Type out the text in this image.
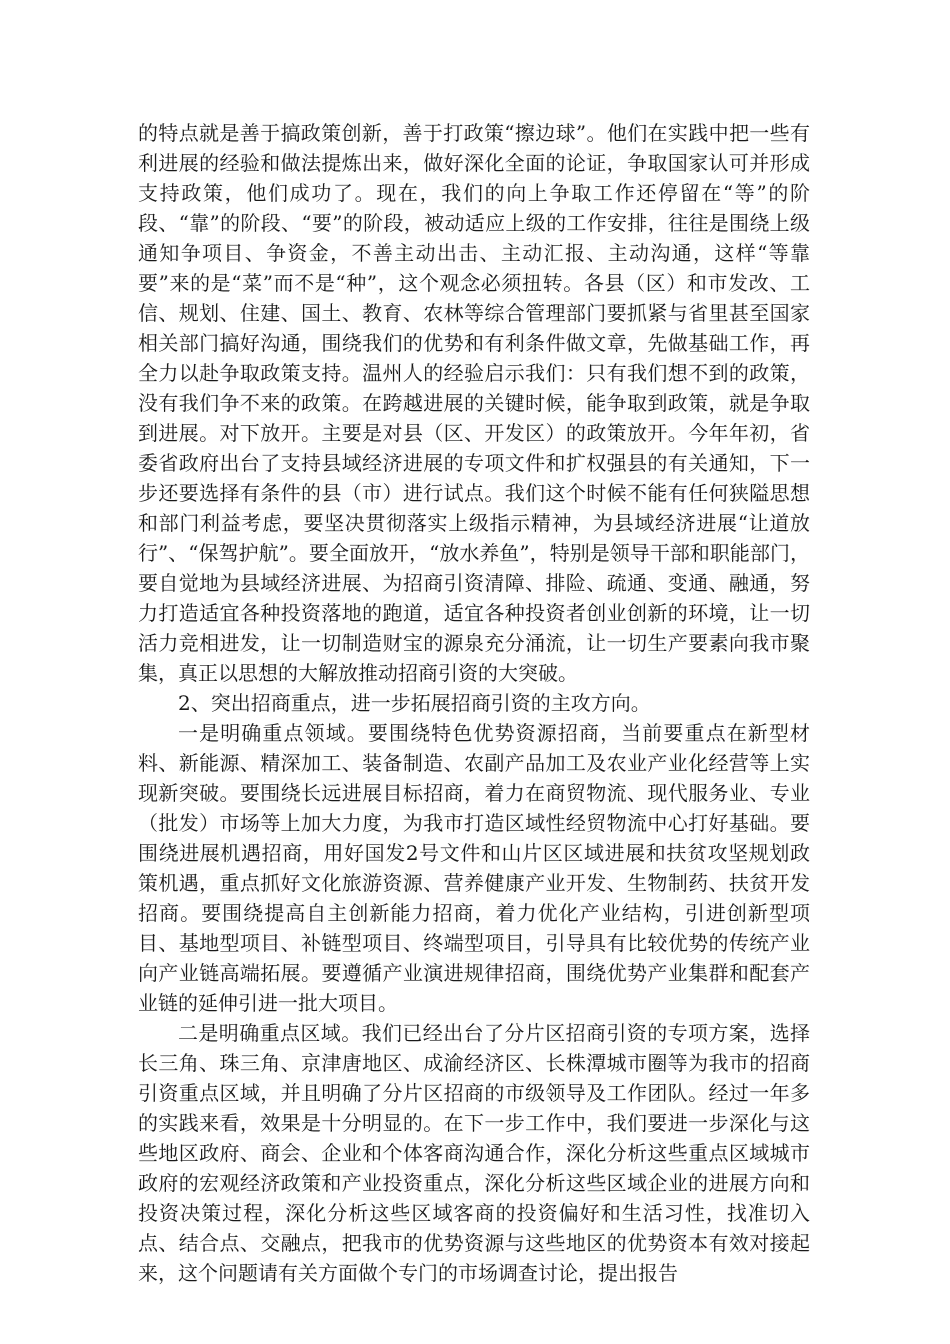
的特点就是善于搞政策创新，善于打政策“擦边球”。他们在实践中把一些有利进展的经验和做法提炼出来，做好深化全面的论证，争取国家认可并形成支持政策，他们成功了。现在，我们的向上争取工作还停留在“等”的阶段、“靠”的阶段、“要”的阶段，被动适应上级的工作安排，往往是围绕上级通知争项目、争资金，不善主动出击、主动汇报、主动沟通，这样“等靠要”来的是“菜”而不是“种”，这个观念必须扭转。各县（区）和市发改、工信、规划、住建、国土、教育、农林等综合管理部门要抓紧与省里甚至国家相关部门搞好沟通，围绕我们的优势和有利条件做文章，先做基础工作，再全力以赴争取政策支持。温州人的经验启示我们：只有我们想不到的政策，没有我们争不来的政策。在跨越进展的关键时候，能争取到政策，就是争取到进展。对下放开。主要是对县（区、开发区）的政策放开。今年年初，省委省政府出台了支持县域经济进展的专项文件和扩权强县的有关通知，下一步还要选择有条件的县（市）进行试点。我们这个时候不能有任何狭隘思想和部门利益考虑，要坚决贯彻落实上级指示精神，为县域经济进展“让道放行”、“保驾护航”。要全面放开，“放水养鱼”，特别是领导干部和职能部门，要自觉地为县域经济进展、为招商引资清障、排险、疏通、变通、融通，努力打造适宜各种投资落地的跑道，适宜各种投资者创业创新的环境，让一切活力竞相进发，让一切制造财宝的源泉充分涌流，让一切生产要素向我市聚集，真正以思想的大解放推动招商引资的大突破。

2、突出招商重点，进一步拓展招商引资的主攻方向。

一是明确重点领域。要围绕特色优势资源招商，当前要重点在新型材料、新能源、精深加工、装备制造、农副产品加工及农业产业化经营等上实现新突破。要围绕长远进展目标招商，着力在商贸物流、现代服务业、专业（批发）市场等上加大力度，为我市打造区域性经贸物流中心打好基础。要围绕进展机遇招商，用好国发2号文件和山片区区域进展和扶贫攻坚规划政策机遇，重点抓好文化旅游资源、营养健康产业开发、生物制药、扶贫开发招商。要围绕提高自主创新能力招商，着力优化产业结构，引进创新型项目、基地型项目、补链型项目、终端型项目，引导具有比较优势的传统产业向产业链高端拓展。要遵循产业演进规律招商，围绕优势产业集群和配套产业链的延伸引进一批大项目。

二是明确重点区域。我们已经出台了分片区招商引资的专项方案，选择长三角、珠三角、京津唐地区、成渝经济区、长株潭城市圈等为我市的招商引资重点区域，并且明确了分片区招商的市级领导及工作团队。经过一年多的实践来看，效果是十分明显的。在下一步工作中，我们要进一步深化与这些地区政府、商会、企业和个体客商沟通合作，深化分析这些重点区域城市政府的宏观经济政策和产业投资重点，深化分析这些区域企业的进展方向和投资决策过程，深化分析这些区域客商的投资偏好和生活习性，找准切入点、结合点、交融点，把我市的优势资源与这些地区的优势资本有效对接起来，这个问题请有关方面做个专门的市场调查讨论，提出报告
